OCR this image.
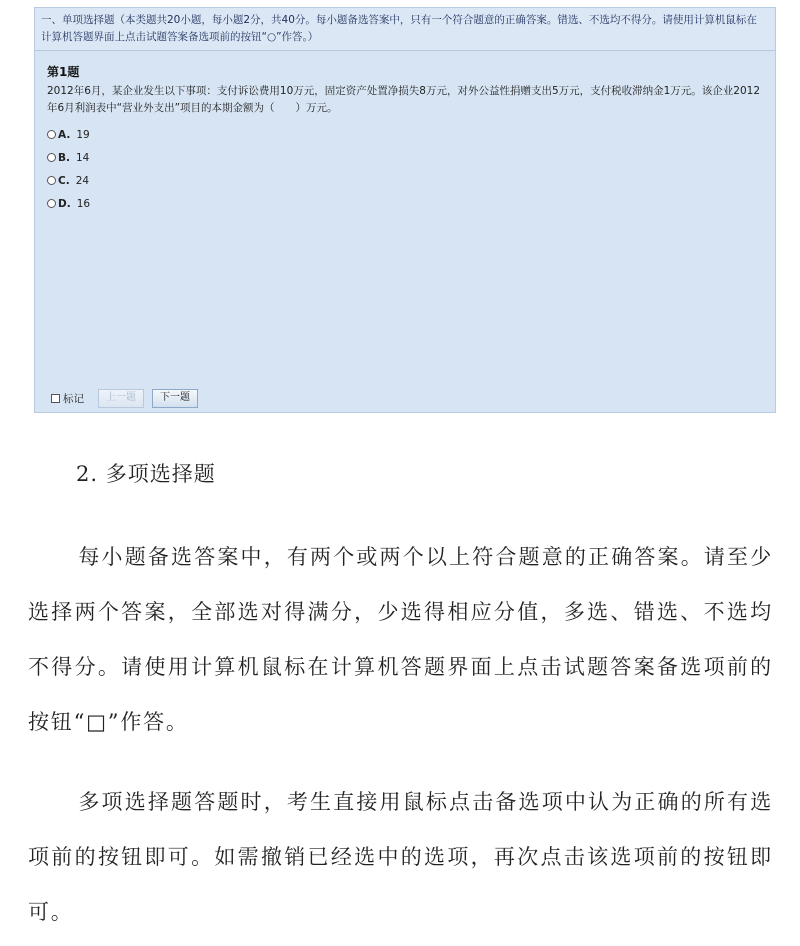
一、单项选择题（本类题共20小题，每小题2分，共40分。每小题备选答案中，只有一个符合题意的正确答案。错选、不选均不得分。请使用计算机鼠标在计算机答题界面上点击试题答案备选项前的按钮“○”作答。）
第1题
2012年6月，某企业发生以下事项：支付诉讼费用10万元，固定资产处置净损失8万元，对外公益性捐赠支出5万元，支付税收滞纳金1万元。该企业2012年6月利润表中“营业外支出”项目的本期金额为（　　）万元。
A. 19
B. 14
C. 24
D. 16
标记	上一题	下一题
2. 多项选择题
每小题备选答案中，有两个或两个以上符合题意的正确答案。请至少选择两个答案，全部选对得满分，少选得相应分值，多选、错选、不选均不得分。请使用计算机鼠标在计算机答题界面上点击试题答案备选项前的按钮“□”作答。
多项选择题答题时，考生直接用鼠标点击备选项中认为正确的所有选项前的按钮即可。如需撤销已经选中的选项，再次点击该选项前的按钮即可。
